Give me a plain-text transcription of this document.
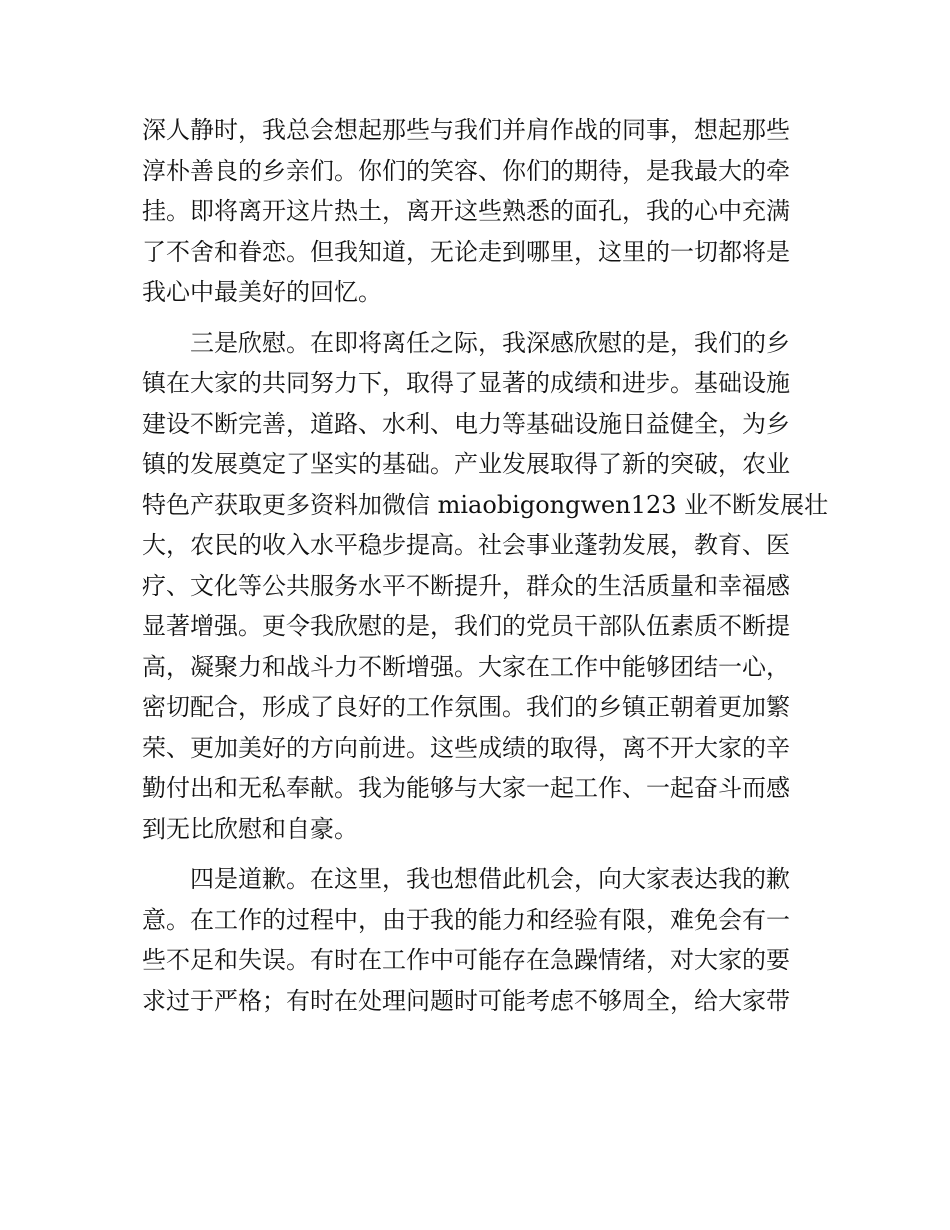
深人静时，我总会想起那些与我们并肩作战的同事，想起那些
淳朴善良的乡亲们。你们的笑容、你们的期待，是我最大的牵
挂。即将离开这片热土，离开这些熟悉的面孔，我的心中充满
了不舍和眷恋。但我知道，无论走到哪里，这里的一切都将是
我心中最美好的回忆。
三是欣慰。在即将离任之际，我深感欣慰的是，我们的乡
镇在大家的共同努力下，取得了显著的成绩和进步。基础设施
建设不断完善，道路、水利、电力等基础设施日益健全，为乡
镇的发展奠定了坚实的基础。产业发展取得了新的突破，农业
特色产获取更多资料加微信 miaobigongwen123 业不断发展壮
大，农民的收入水平稳步提高。社会事业蓬勃发展，教育、医
疗、文化等公共服务水平不断提升，群众的生活质量和幸福感
显著增强。更令我欣慰的是，我们的党员干部队伍素质不断提
高，凝聚力和战斗力不断增强。大家在工作中能够团结一心，
密切配合，形成了良好的工作氛围。我们的乡镇正朝着更加繁
荣、更加美好的方向前进。这些成绩的取得，离不开大家的辛
勤付出和无私奉献。我为能够与大家一起工作、一起奋斗而感
到无比欣慰和自豪。
四是道歉。在这里，我也想借此机会，向大家表达我的歉
意。在工作的过程中，由于我的能力和经验有限，难免会有一
些不足和失误。有时在工作中可能存在急躁情绪，对大家的要
求过于严格；有时在处理问题时可能考虑不够周全，给大家带
